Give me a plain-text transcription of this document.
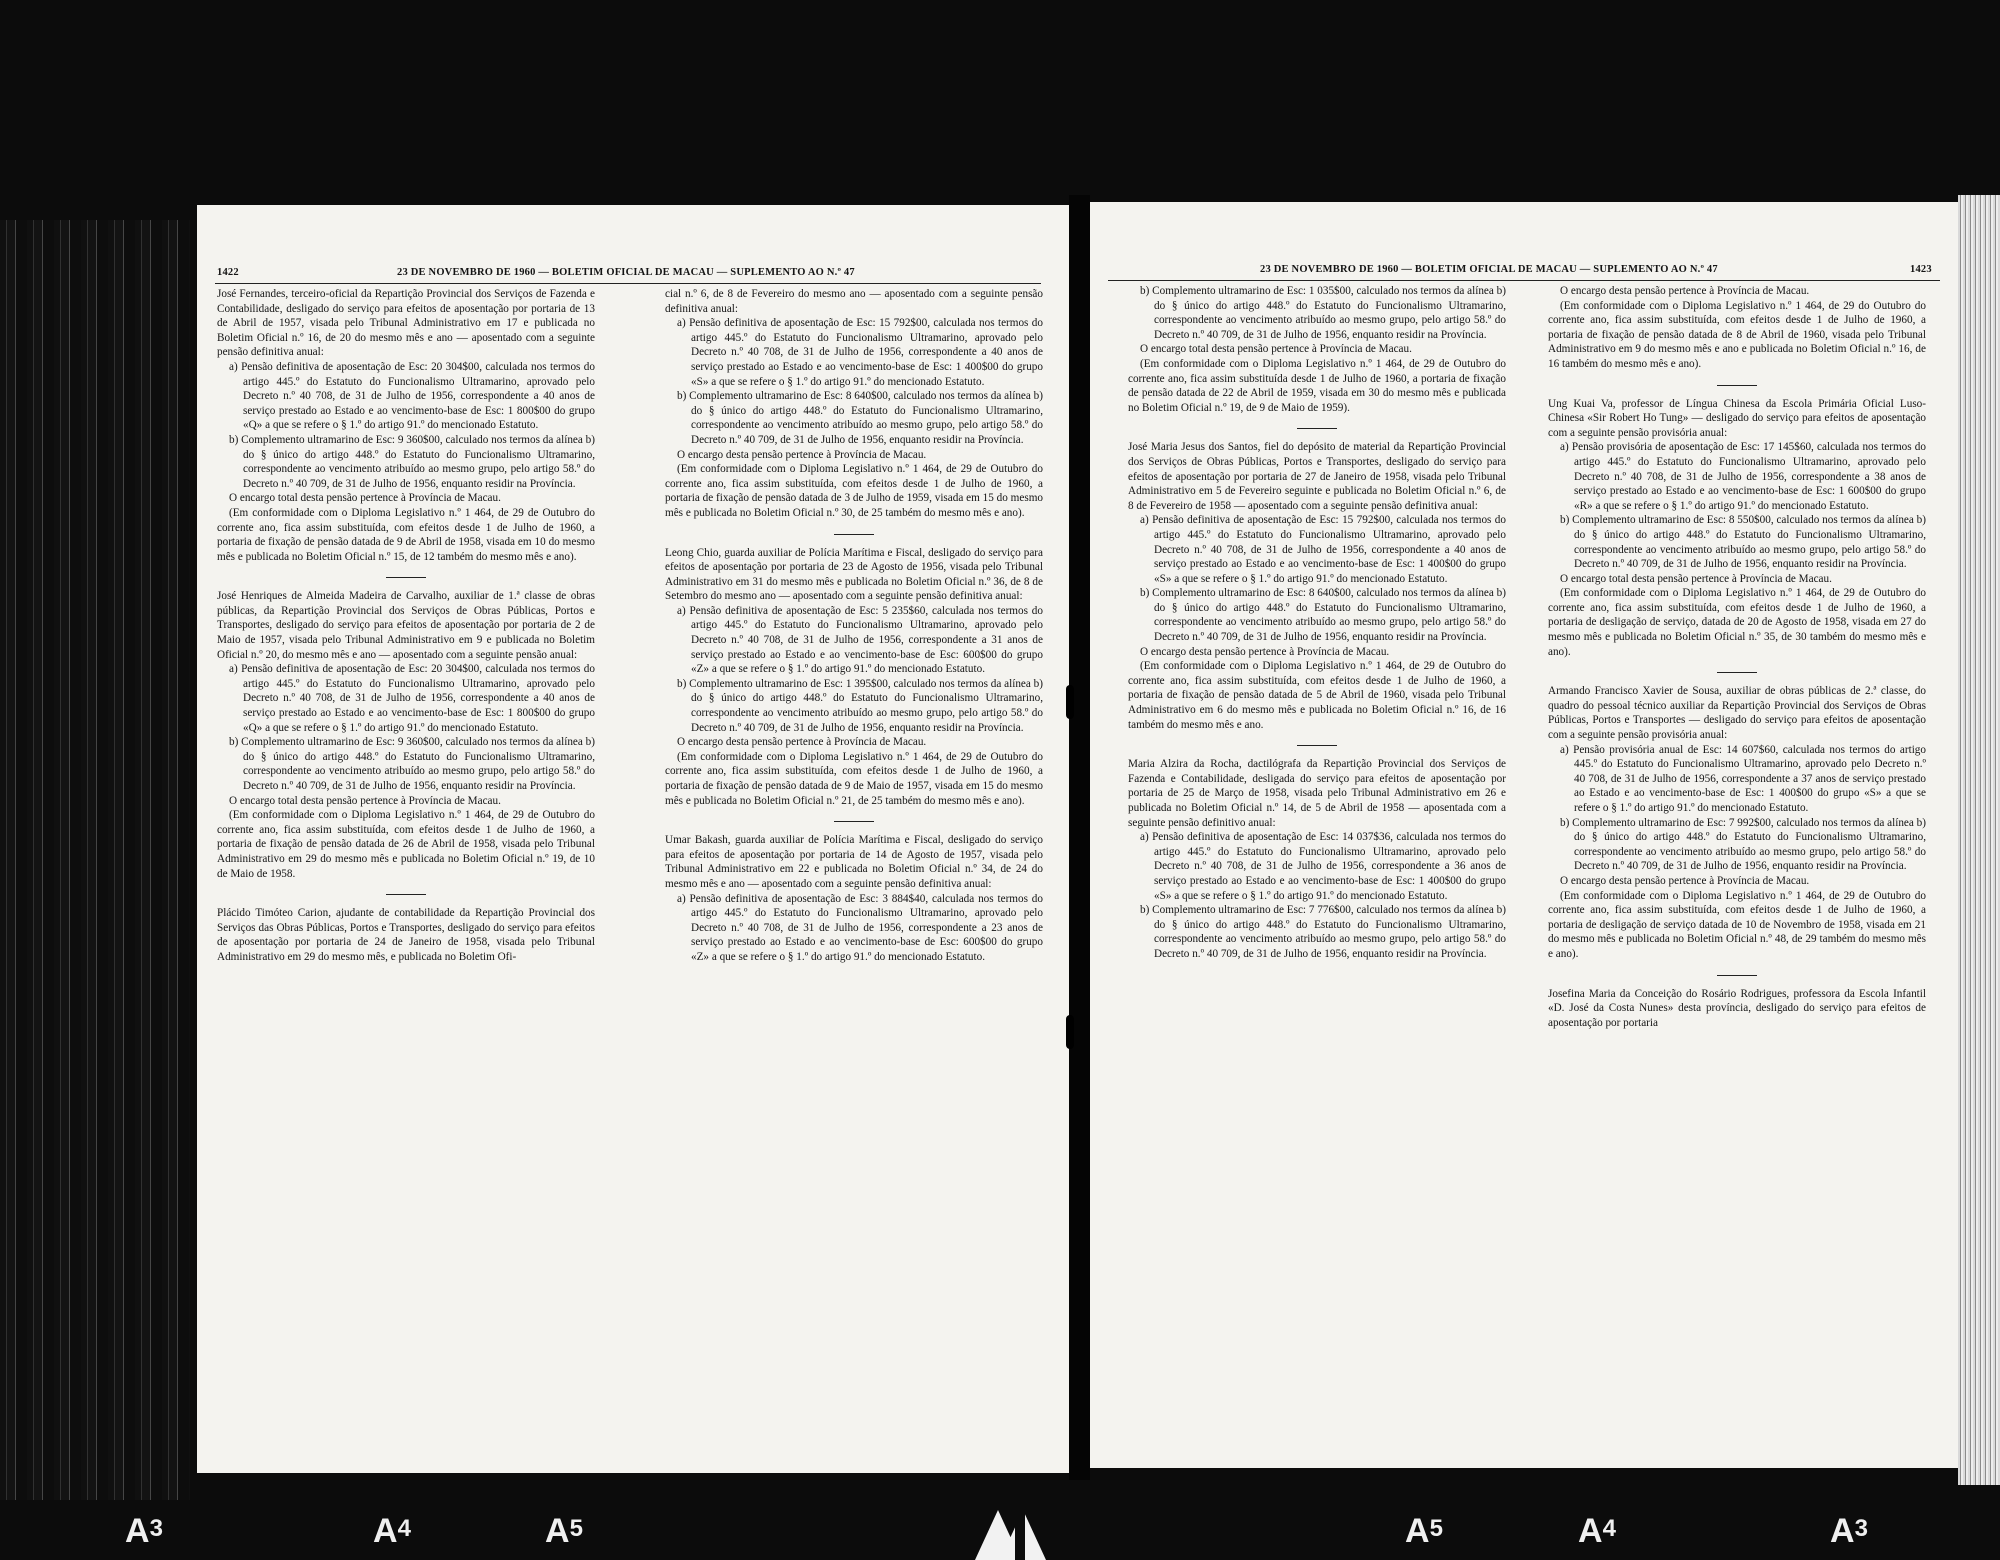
1422	23 DE NOVEMBRO DE 1960 — BOLETIM OFICIAL DE MACAU — SUPLEMENTO AO N.º 47

José Fernandes, terceiro-oficial da Repartição Provincial dos Serviços de Fazenda e Contabilidade, desligado do serviço para efeitos de aposentação por portaria de 13 de Abril de 1957, visada pelo Tribunal Administrativo em 17 e publicada no Boletim Oficial n.º 16, de 20 do mesmo mês e ano — aposentado com a seguinte pensão definitiva anual:

a) Pensão definitiva de aposentação de Esc: 20 304$00, calculada nos termos do artigo 445.º do Estatuto do Funcionalismo Ultramarino, aprovado pelo Decreto n.º 40 708, de 31 de Julho de 1956, correspondente a 40 anos de serviço prestado ao Estado e ao vencimento-base de Esc: 1 800$00 do grupo «Q» a que se refere o § 1.º do artigo 91.º do mencionado Estatuto.

b) Complemento ultramarino de Esc: 9 360$00, calculado nos termos da alínea b) do § único do artigo 448.º do Estatuto do Funcionalismo Ultramarino, correspondente ao vencimento atribuído ao mesmo grupo, pelo artigo 58.º do Decreto n.º 40 709, de 31 de Julho de 1956, enquanto residir na Província.

O encargo total desta pensão pertence à Província de Macau.

(Em conformidade com o Diploma Legislativo n.º 1 464, de 29 de Outubro do corrente ano, fica assim substituída, com efeitos desde 1 de Julho de 1960, a portaria de fixação de pensão datada de 9 de Abril de 1958, visada em 10 do mesmo mês e publicada no Boletim Oficial n.º 15, de 12 também do mesmo mês e ano).

José Henriques de Almeida Madeira de Carvalho, auxiliar de 1.ª classe de obras públicas, da Repartição Provincial dos Serviços de Obras Públicas, Portos e Transportes, desligado do serviço para efeitos de aposentação por portaria de 2 de Maio de 1957, visada pelo Tribunal Administrativo em 9 e publicada no Boletim Oficial n.º 20, do mesmo mês e ano — aposentado com a seguinte pensão anual:

a) Pensão definitiva de aposentação de Esc: 20 304$00, calculada nos termos do artigo 445.º do Estatuto do Funcionalismo Ultramarino, aprovado pelo Decreto n.º 40 708, de 31 de Julho de 1956, correspondente a 40 anos de serviço prestado ao Estado e ao vencimento-base de Esc: 1 800$00 do grupo «Q» a que se refere o § 1.º do artigo 91.º do mencionado Estatuto.

b) Complemento ultramarino de Esc: 9 360$00, calculado nos termos da alínea b) do § único do artigo 448.º do Estatuto do Funcionalismo Ultramarino, correspondente ao vencimento atribuído ao mesmo grupo, pelo artigo 58.º do Decreto n.º 40 709, de 31 de Julho de 1956, enquanto residir na Província.

O encargo total desta pensão pertence à Província de Macau.

(Em conformidade com o Diploma Legislativo n.º 1 464, de 29 de Outubro do corrente ano, fica assim substituída, com efeitos desde 1 de Julho de 1960, a portaria de fixação de pensão datada de 26 de Abril de 1958, visada pelo Tribunal Administrativo em 29 do mesmo mês e publicada no Boletim Oficial n.º 19, de 10 de Maio de 1958.

Plácido Timóteo Carion, ajudante de contabilidade da Repartição Provincial dos Serviços das Obras Públicas, Portos e Transportes, desligado do serviço para efeitos de aposentação por portaria de 24 de Janeiro de 1958, visada pelo Tribunal Administrativo em 29 do mesmo mês, e publicada no Boletim Ofi-

cial n.º 6, de 8 de Fevereiro do mesmo ano — aposentado com a seguinte pensão definitiva anual:

a) Pensão definitiva de aposentação de Esc: 15 792$00, calculada nos termos do artigo 445.º do Estatuto do Funcionalismo Ultramarino, aprovado pelo Decreto n.º 40 708, de 31 de Julho de 1956, correspondente a 40 anos de serviço prestado ao Estado e ao vencimento-base de Esc: 1 400$00 do grupo «S» a que se refere o § 1.º do artigo 91.º do mencionado Estatuto.

b) Complemento ultramarino de Esc: 8 640$00, calculado nos termos da alínea b) do § único do artigo 448.º do Estatuto do Funcionalismo Ultramarino, correspondente ao vencimento atribuído ao mesmo grupo, pelo artigo 58.º do Decreto n.º 40 709, de 31 de Julho de 1956, enquanto residir na Província.

O encargo desta pensão pertence à Província de Macau.

(Em conformidade com o Diploma Legislativo n.º 1 464, de 29 de Outubro do corrente ano, fica assim substituída, com efeitos desde 1 de Julho de 1960, a portaria de fixação de pensão datada de 3 de Julho de 1959, visada em 15 do mesmo mês e publicada no Boletim Oficial n.º 30, de 25 também do mesmo mês e ano).

Leong Chio, guarda auxiliar de Polícia Marítima e Fiscal, desligado do serviço para efeitos de aposentação por portaria de 23 de Agosto de 1956, visada pelo Tribunal Administrativo em 31 do mesmo mês e publicada no Boletim Oficial n.º 36, de 8 de Setembro do mesmo ano — aposentado com a seguinte pensão definitiva anual:

a) Pensão definitiva de aposentação de Esc: 5 235$60, calculada nos termos do artigo 445.º do Estatuto do Funcionalismo Ultramarino, aprovado pelo Decreto n.º 40 708, de 31 de Julho de 1956, correspondente a 31 anos de serviço prestado ao Estado e ao vencimento-base de Esc: 600$00 do grupo «Z» a que se refere o § 1.º do artigo 91.º do mencionado Estatuto.

b) Complemento ultramarino de Esc: 1 395$00, calculado nos termos da alínea b) do § único do artigo 448.º do Estatuto do Funcionalismo Ultramarino, correspondente ao vencimento atribuído ao mesmo grupo, pelo artigo 58.º do Decreto n.º 40 709, de 31 de Julho de 1956, enquanto residir na Província.

O encargo desta pensão pertence à Província de Macau.

(Em conformidade com o Diploma Legislativo n.º 1 464, de 29 de Outubro do corrente ano, fica assim substituída, com efeitos desde 1 de Julho de 1960, a portaria de fixação de pensão datada de 9 de Maio de 1957, visada em 15 do mesmo mês e publicada no Boletim Oficial n.º 21, de 25 também do mesmo mês e ano).

Umar Bakash, guarda auxiliar de Polícia Marítima e Fiscal, desligado do serviço para efeitos de aposentação por portaria de 14 de Agosto de 1957, visada pelo Tribunal Administrativo em 22 e publicada no Boletim Oficial n.º 34, de 24 do mesmo mês e ano — aposentado com a seguinte pensão definitiva anual:

a) Pensão definitiva de aposentação de Esc: 3 884$40, calculada nos termos do artigo 445.º do Estatuto do Funcionalismo Ultramarino, aprovado pelo Decreto n.º 40 708, de 31 de Julho de 1956, correspondente a 23 anos de serviço prestado ao Estado e ao vencimento-base de Esc: 600$00 do grupo «Z» a que se refere o § 1.º do artigo 91.º do mencionado Estatuto.

23 DE NOVEMBRO DE 1960 — BOLETIM OFICIAL DE MACAU — SUPLEMENTO AO N.º 47	1423

b) Complemento ultramarino de Esc: 1 035$00, calculado nos termos da alínea b) do § único do artigo 448.º do Estatuto do Funcionalismo Ultramarino, correspondente ao vencimento atribuído ao mesmo grupo, pelo artigo 58.º do Decreto n.º 40 709, de 31 de Julho de 1956, enquanto residir na Província.

O encargo total desta pensão pertence à Província de Macau.

(Em conformidade com o Diploma Legislativo n.º 1 464, de 29 de Outubro do corrente ano, fica assim substituída desde 1 de Julho de 1960, a portaria de fixação de pensão datada de 22 de Abril de 1959, visada em 30 do mesmo mês e publicada no Boletim Oficial n.º 19, de 9 de Maio de 1959).

José Maria Jesus dos Santos, fiel do depósito de material da Repartição Provincial dos Serviços de Obras Públicas, Portos e Transportes, desligado do serviço para efeitos de aposentação por portaria de 27 de Janeiro de 1958, visada pelo Tribunal Administrativo em 5 de Fevereiro seguinte e publicada no Boletim Oficial n.º 6, de 8 de Fevereiro de 1958 — aposentado com a seguinte pensão definitiva anual:

a) Pensão definitiva de aposentação de Esc: 15 792$00, calculada nos termos do artigo 445.º do Estatuto do Funcionalismo Ultramarino, aprovado pelo Decreto n.º 40 708, de 31 de Julho de 1956, correspondente a 40 anos de serviço prestado ao Estado e ao vencimento-base de Esc: 1 400$00 do grupo «S» a que se refere o § 1.º do artigo 91.º do mencionado Estatuto.

b) Complemento ultramarino de Esc: 8 640$00, calculado nos termos da alínea b) do § único do artigo 448.º do Estatuto do Funcionalismo Ultramarino, correspondente ao vencimento atribuído ao mesmo grupo, pelo artigo 58.º do Decreto n.º 40 709, de 31 de Julho de 1956, enquanto residir na Província.

O encargo desta pensão pertence à Província de Macau.

(Em conformidade com o Diploma Legislativo n.º 1 464, de 29 de Outubro do corrente ano, fica assim substituída, com efeitos desde 1 de Julho de 1960, a portaria de fixação de pensão datada de 5 de Abril de 1960, visada pelo Tribunal Administrativo em 6 do mesmo mês e publicada no Boletim Oficial n.º 16, de 16 também do mesmo mês e ano.

Maria Alzira da Rocha, dactilógrafa da Repartição Provincial dos Serviços de Fazenda e Contabilidade, desligada do serviço para efeitos de aposentação por portaria de 25 de Março de 1958, visada pelo Tribunal Administrativo em 26 e publicada no Boletim Oficial n.º 14, de 5 de Abril de 1958 — aposentada com a seguinte pensão definitivo anual:

a) Pensão definitiva de aposentação de Esc: 14 037$36, calculada nos termos do artigo 445.º do Estatuto do Funcionalismo Ultramarino, aprovado pelo Decreto n.º 40 708, de 31 de Julho de 1956, correspondente a 36 anos de serviço prestado ao Estado e ao vencimento-base de Esc: 1 400$00 do grupo «S» a que se refere o § 1.º do artigo 91.º do mencionado Estatuto.

b) Complemento ultramarino de Esc: 7 776$00, calculado nos termos da alínea b) do § único do artigo 448.º do Estatuto do Funcionalismo Ultramarino, correspondente ao vencimento atribuído ao mesmo grupo, pelo artigo 58.º do Decreto n.º 40 709, de 31 de Julho de 1956, enquanto residir na Província.

O encargo desta pensão pertence à Província de Macau.

(Em conformidade com o Diploma Legislativo n.º 1 464, de 29 do Outubro do corrente ano, fica assim substituída, com efeitos desde 1 de Julho de 1960, a portaria de fixação de pensão datada de 8 de Abril de 1960, visada pelo Tribunal Administrativo em 9 do mesmo mês e ano e publicada no Boletim Oficial n.º 16, de 16 também do mesmo mês e ano).

Ung Kuai Va, professor de Língua Chinesa da Escola Primária Oficial Luso-Chinesa «Sir Robert Ho Tung» — desligado do serviço para efeitos de aposentação com a seguinte pensão provisória anual:

a) Pensão provisória de aposentação de Esc: 17 145$60, calculada nos termos do artigo 445.º do Estatuto do Funcionalismo Ultramarino, aprovado pelo Decreto n.º 40 708, de 31 de Julho de 1956, correspondente a 38 anos de serviço prestado ao Estado e ao vencimento-base de Esc: 1 600$00 do grupo «R» a que se refere o § 1.º do artigo 91.º do mencionado Estatuto.

b) Complemento ultramarino de Esc: 8 550$00, calculado nos termos da alínea b) do § único do artigo 448.º do Estatuto do Funcionalismo Ultramarino, correspondente ao vencimento atribuído ao mesmo grupo, pelo artigo 58.º do Decreto n.º 40 709, de 31 de Julho de 1956, enquanto residir na Província.

O encargo total desta pensão pertence à Província de Macau.

(Em conformidade com o Diploma Legislativo n.º 1 464, de 29 de Outubro do corrente ano, fica assim substituída, com efeitos desde 1 de Julho de 1960, a portaria de desligação de serviço, datada de 20 de Agosto de 1958, visada em 27 do mesmo mês e publicada no Boletim Oficial n.º 35, de 30 também do mesmo mês e ano).

Armando Francisco Xavier de Sousa, auxiliar de obras públicas de 2.ª classe, do quadro do pessoal técnico auxiliar da Repartição Provincial dos Serviços de Obras Públicas, Portos e Transportes — desligado do serviço para efeitos de aposentação com a seguinte pensão provisória anual:

a) Pensão provisória anual de Esc: 14 607$60, calculada nos termos do artigo 445.º do Estatuto do Funcionalismo Ultramarino, aprovado pelo Decreto n.º 40 708, de 31 de Julho de 1956, correspondente a 37 anos de serviço prestado ao Estado e ao vencimento-base de Esc: 1 400$00 do grupo «S» a que se refere o § 1.º do artigo 91.º do mencionado Estatuto.

b) Complemento ultramarino de Esc: 7 992$00, calculado nos termos da alínea b) do § único do artigo 448.º do Estatuto do Funcionalismo Ultramarino, correspondente ao vencimento atribuído ao mesmo grupo, pelo artigo 58.º do Decreto n.º 40 709, de 31 de Julho de 1956, enquanto residir na Província.

O encargo desta pensão pertence à Província de Macau.

(Em conformidade com o Diploma Legislativo n.º 1 464, de 29 de Outubro do corrente ano, fica assim substituída, com efeitos desde 1 de Julho de 1960, a portaria de desligação de serviço datada de 10 de Novembro de 1958, visada em 21 do mesmo mês e publicada no Boletim Oficial n.º 48, de 29 também do mesmo mês e ano).

Josefina Maria da Conceição do Rosário Rodrigues, professora da Escola Infantil «D. José da Costa Nunes» desta província, desligado do serviço para efeitos de aposentação por portaria

$A^3$	$A^4$	$A^5$	$A^5$	$A^4$	$A^3$
